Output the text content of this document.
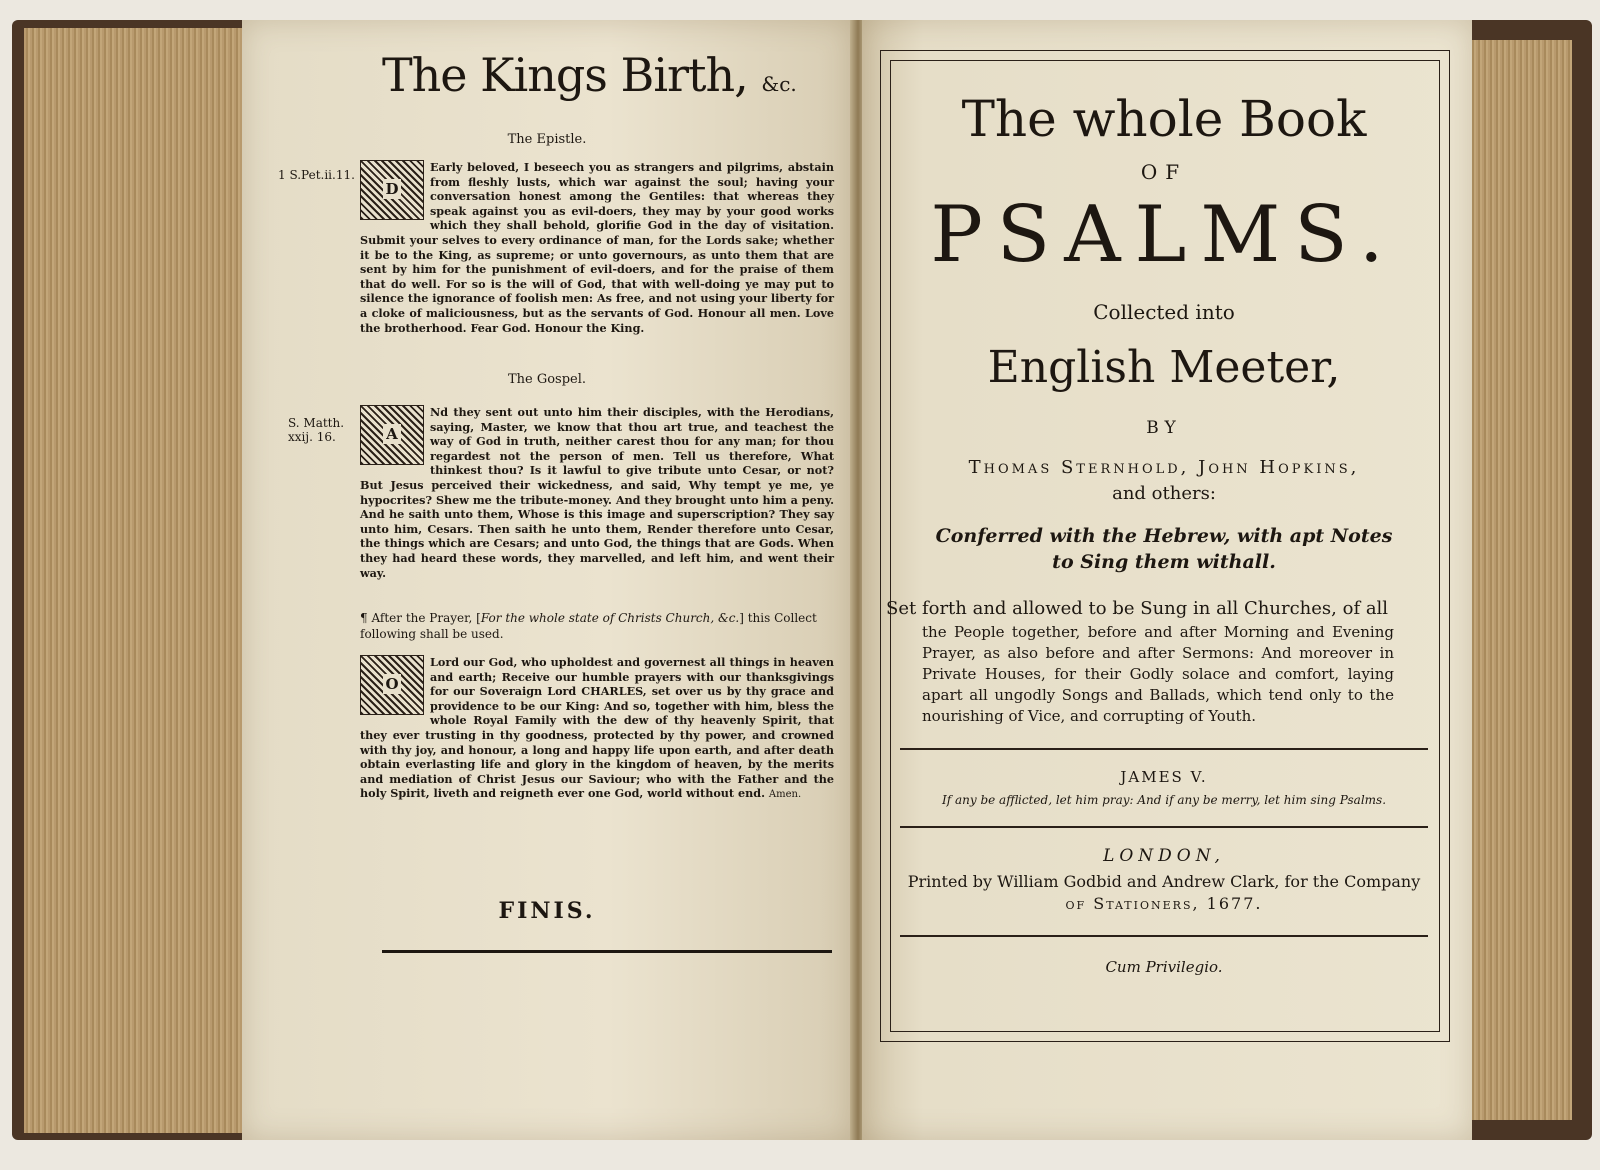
The Kings Birth, &c.
The Epistle.
1 S.Pet.ii.11.
D
Early beloved, I beseech you as strangers and pilgrims, abstain from fleshly lusts, which war against the soul; having your conversation honest among the Gentiles: that whereas they speak against you as evil-doers, they may by your good works which they shall behold, glorifie God in the day of visitation. Submit your selves to every ordinance of man, for the Lords sake; whether it be to the King, as supreme; or unto governours, as unto them that are sent by him for the punishment of evil-doers, and for the praise of them that do well. For so is the will of God, that with well-doing ye may put to silence the ignorance of foolish men: As free, and not using your liberty for a cloke of maliciousness, but as the servants of God. Honour all men. Love the brotherhood. Fear God. Honour the King.
The Gospel.
S. Matth.
xxij. 16.	A
Nd they sent out unto him their disciples, with the Herodians, saying, Master, we know that thou art true, and teachest the way of God in truth, neither carest thou for any man; for thou regardest not the person of men. Tell us therefore, What thinkest thou? Is it lawful to give tribute unto Cesar, or not? But Jesus perceived their wickedness, and said, Why tempt ye me, ye hypocrites? Shew me the tribute-money. And they brought unto him a peny. And he saith unto them, Whose is this image and superscription? They say unto him, Cesars. Then saith he unto them, Render therefore unto Cesar, the things which are Cesars; and unto God, the things that are Gods. When they had heard these words, they marvelled, and left him, and went their way.
¶ After the Prayer, [For the whole state of Christs Church, &c.] this Collect following shall be used.
O
Lord our God, who upholdest and governest all things in heaven and earth; Receive our humble prayers with our thanksgivings for our Soveraign Lord CHARLES, set over us by thy grace and providence to be our King: And so, together with him, bless the whole Royal Family with the dew of thy heavenly Spirit, that they ever trusting in thy goodness, protected by thy power, and crowned with thy joy, and honour, a long and happy life upon earth, and after death obtain everlasting life and glory in the kingdom of heaven, by the merits and mediation of Christ Jesus our Saviour; who with the Father and the holy Spirit, liveth and reigneth ever one God, world without end. Amen.
FINIS.
The whole Book
OF
PSALMS.
Collected into
English Meeter,
BY
Thomas Sternhold, John Hopkins,
and others:
Conferred with the Hebrew, with apt Notes
to Sing them withall.
Set forth and allowed to be Sung in all Churches, of all
the People together, before and after Morning and Evening Prayer, as also before and after Sermons: And moreover in Private Houses, for their Godly solace and comfort, laying apart all ungodly Songs and Ballads, which tend only to the nourishing of Vice, and corrupting of Youth.
JAMES V.
If any be afflicted, let him pray: And if any be merry, let him sing Psalms.
LONDON,
Printed by William Godbid and Andrew Clark, for the Company
of Stationers, 1677.
Cum Privilegio.
